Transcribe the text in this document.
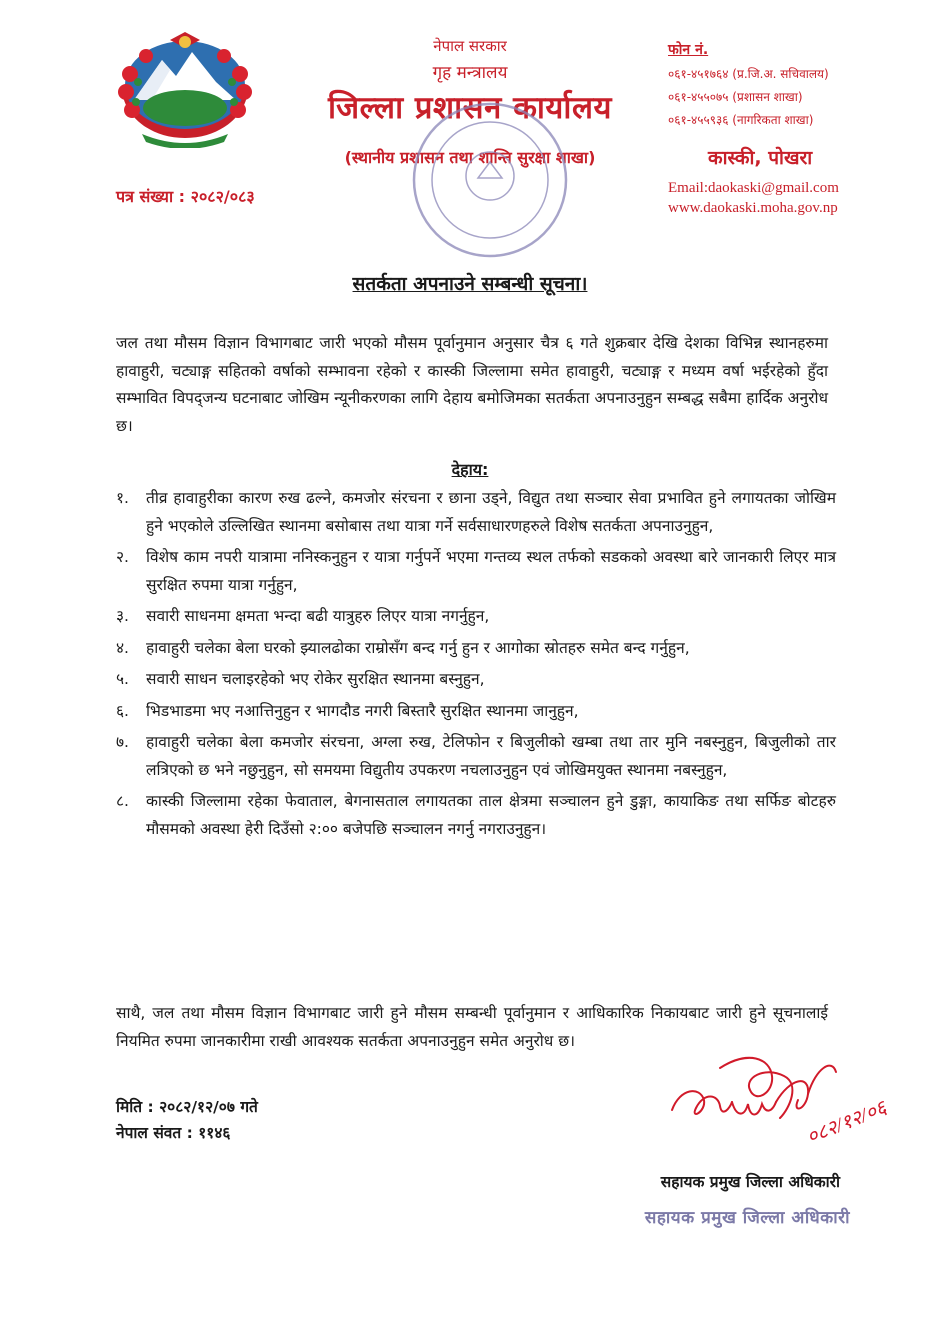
नेपाल सरकार
गृह मन्त्रालय
जिल्ला प्रशासन कार्यालय
(स्थानीय प्रशासन तथा शान्ति सुरक्षा शाखा)
पत्र संख्या : २०८२/०८३
फोन नं.
०६१-४५१७६४ (प्र.जि.अ. सचिवालय)
०६१-४५५०७५ (प्रशासन शाखा)
०६१-४५५९३६ (नागरिकता शाखा)
कास्की, पोखरा
Email:daokaski@gmail.com
www.daokaski.moha.gov.np
सतर्कता अपनाउने सम्बन्धी सूचना।
जल तथा मौसम विज्ञान विभागबाट जारी भएको मौसम पूर्वानुमान अनुसार चैत्र ६ गते शुक्रबार देखि देशका विभिन्न स्थानहरुमा हावाहुरी, चट्याङ्ग सहितको वर्षाको सम्भावना रहेको र कास्की जिल्लामा समेत हावाहुरी, चट्याङ्ग र मध्यम वर्षा भईरहेको हुँदा सम्भावित विपद्जन्य घटनाबाट जोखिम न्यूनीकरणका लागि देहाय बमोजिमका सतर्कता अपनाउनुहुन सम्बद्ध सबैमा हार्दिक अनुरोध छ।
देहाय:
१.	तीव्र हावाहुरीका कारण रुख ढल्ने, कमजोर संरचना र छाना उड्ने, विद्युत तथा सञ्चार सेवा प्रभावित हुने लगायतका जोखिम हुने भएकोले उल्लिखित स्थानमा बसोबास तथा यात्रा गर्ने सर्वसाधारणहरुले विशेष सतर्कता अपनाउनुहुन,
२.	विशेष काम नपरी यात्रामा ननिस्कनुहुन र यात्रा गर्नुपर्ने भएमा गन्तव्य स्थल तर्फको सडकको अवस्था बारे जानकारी लिएर मात्र सुरक्षित रुपमा यात्रा गर्नुहुन,
३.	सवारी साधनमा क्षमता भन्दा बढी यात्रुहरु लिएर यात्रा नगर्नुहुन,
४.	हावाहुरी चलेका बेला घरको झ्यालढोका राम्रोसँग बन्द गर्नु हुन र आगोका स्रोतहरु समेत बन्द गर्नुहुन,
५.	सवारी साधन चलाइरहेको भए रोकेर सुरक्षित स्थानमा बस्नुहुन,
६.	भिडभाडमा भए नआत्तिनुहुन र भागदौड नगरी बिस्तारै सुरक्षित स्थानमा जानुहुन,
७.	हावाहुरी चलेका बेला कमजोर संरचना, अग्ला रुख, टेलिफोन र बिजुलीको खम्बा तथा तार मुनि नबस्नुहुन, बिजुलीको तार लत्रिएको छ भने नछुनुहुन, सो समयमा विद्युतीय उपकरण नचलाउनुहुन एवं जोखिमयुक्त स्थानमा नबस्नुहुन,
८.	कास्की जिल्लामा रहेका फेवाताल, बेगनासताल लगायतका ताल क्षेत्रमा सञ्चालन हुने डुङ्गा, कायाकिङ तथा सर्फिङ बोटहरु मौसमको अवस्था हेरी दिउँसो २:०० बजेपछि सञ्चालन नगर्नु नगराउनुहुन।
साथै, जल तथा मौसम विज्ञान विभागबाट जारी हुने मौसम सम्बन्धी पूर्वानुमान र आधिकारिक निकायबाट जारी हुने सूचनालाई नियमित रुपमा जानकारीमा राखी आवश्यक सतर्कता अपनाउनुहुन समेत अनुरोध छ।
मिति : २०८२/१२/०७ गते
नेपाल संवत : ११४६	०८२/१२/०६
सहायक प्रमुख जिल्ला अधिकारी
सहायक प्रमुख जिल्ला अधिकारी
